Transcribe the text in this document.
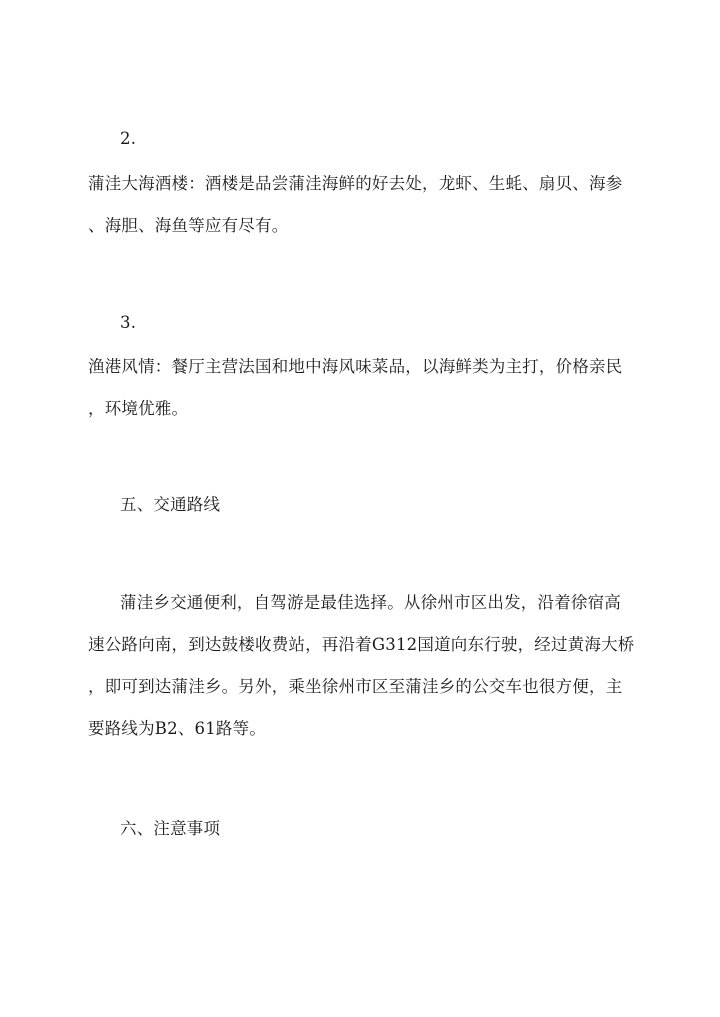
2.
蒲洼大海酒楼：酒楼是品尝蒲洼海鲜的好去处，龙虾、生蚝、扇贝、海参
、海胆、海鱼等应有尽有。
3.
渔港风情：餐厅主营法国和地中海风味菜品，以海鲜类为主打，价格亲民
，环境优雅。
五、交通路线
蒲洼乡交通便利，自驾游是最佳选择。从徐州市区出发，沿着徐宿高
速公路向南，到达鼓楼收费站，再沿着G312国道向东行驶，经过黄海大桥
，即可到达蒲洼乡。另外，乘坐徐州市区至蒲洼乡的公交车也很方便，主
要路线为B2、61路等。
六、注意事项
